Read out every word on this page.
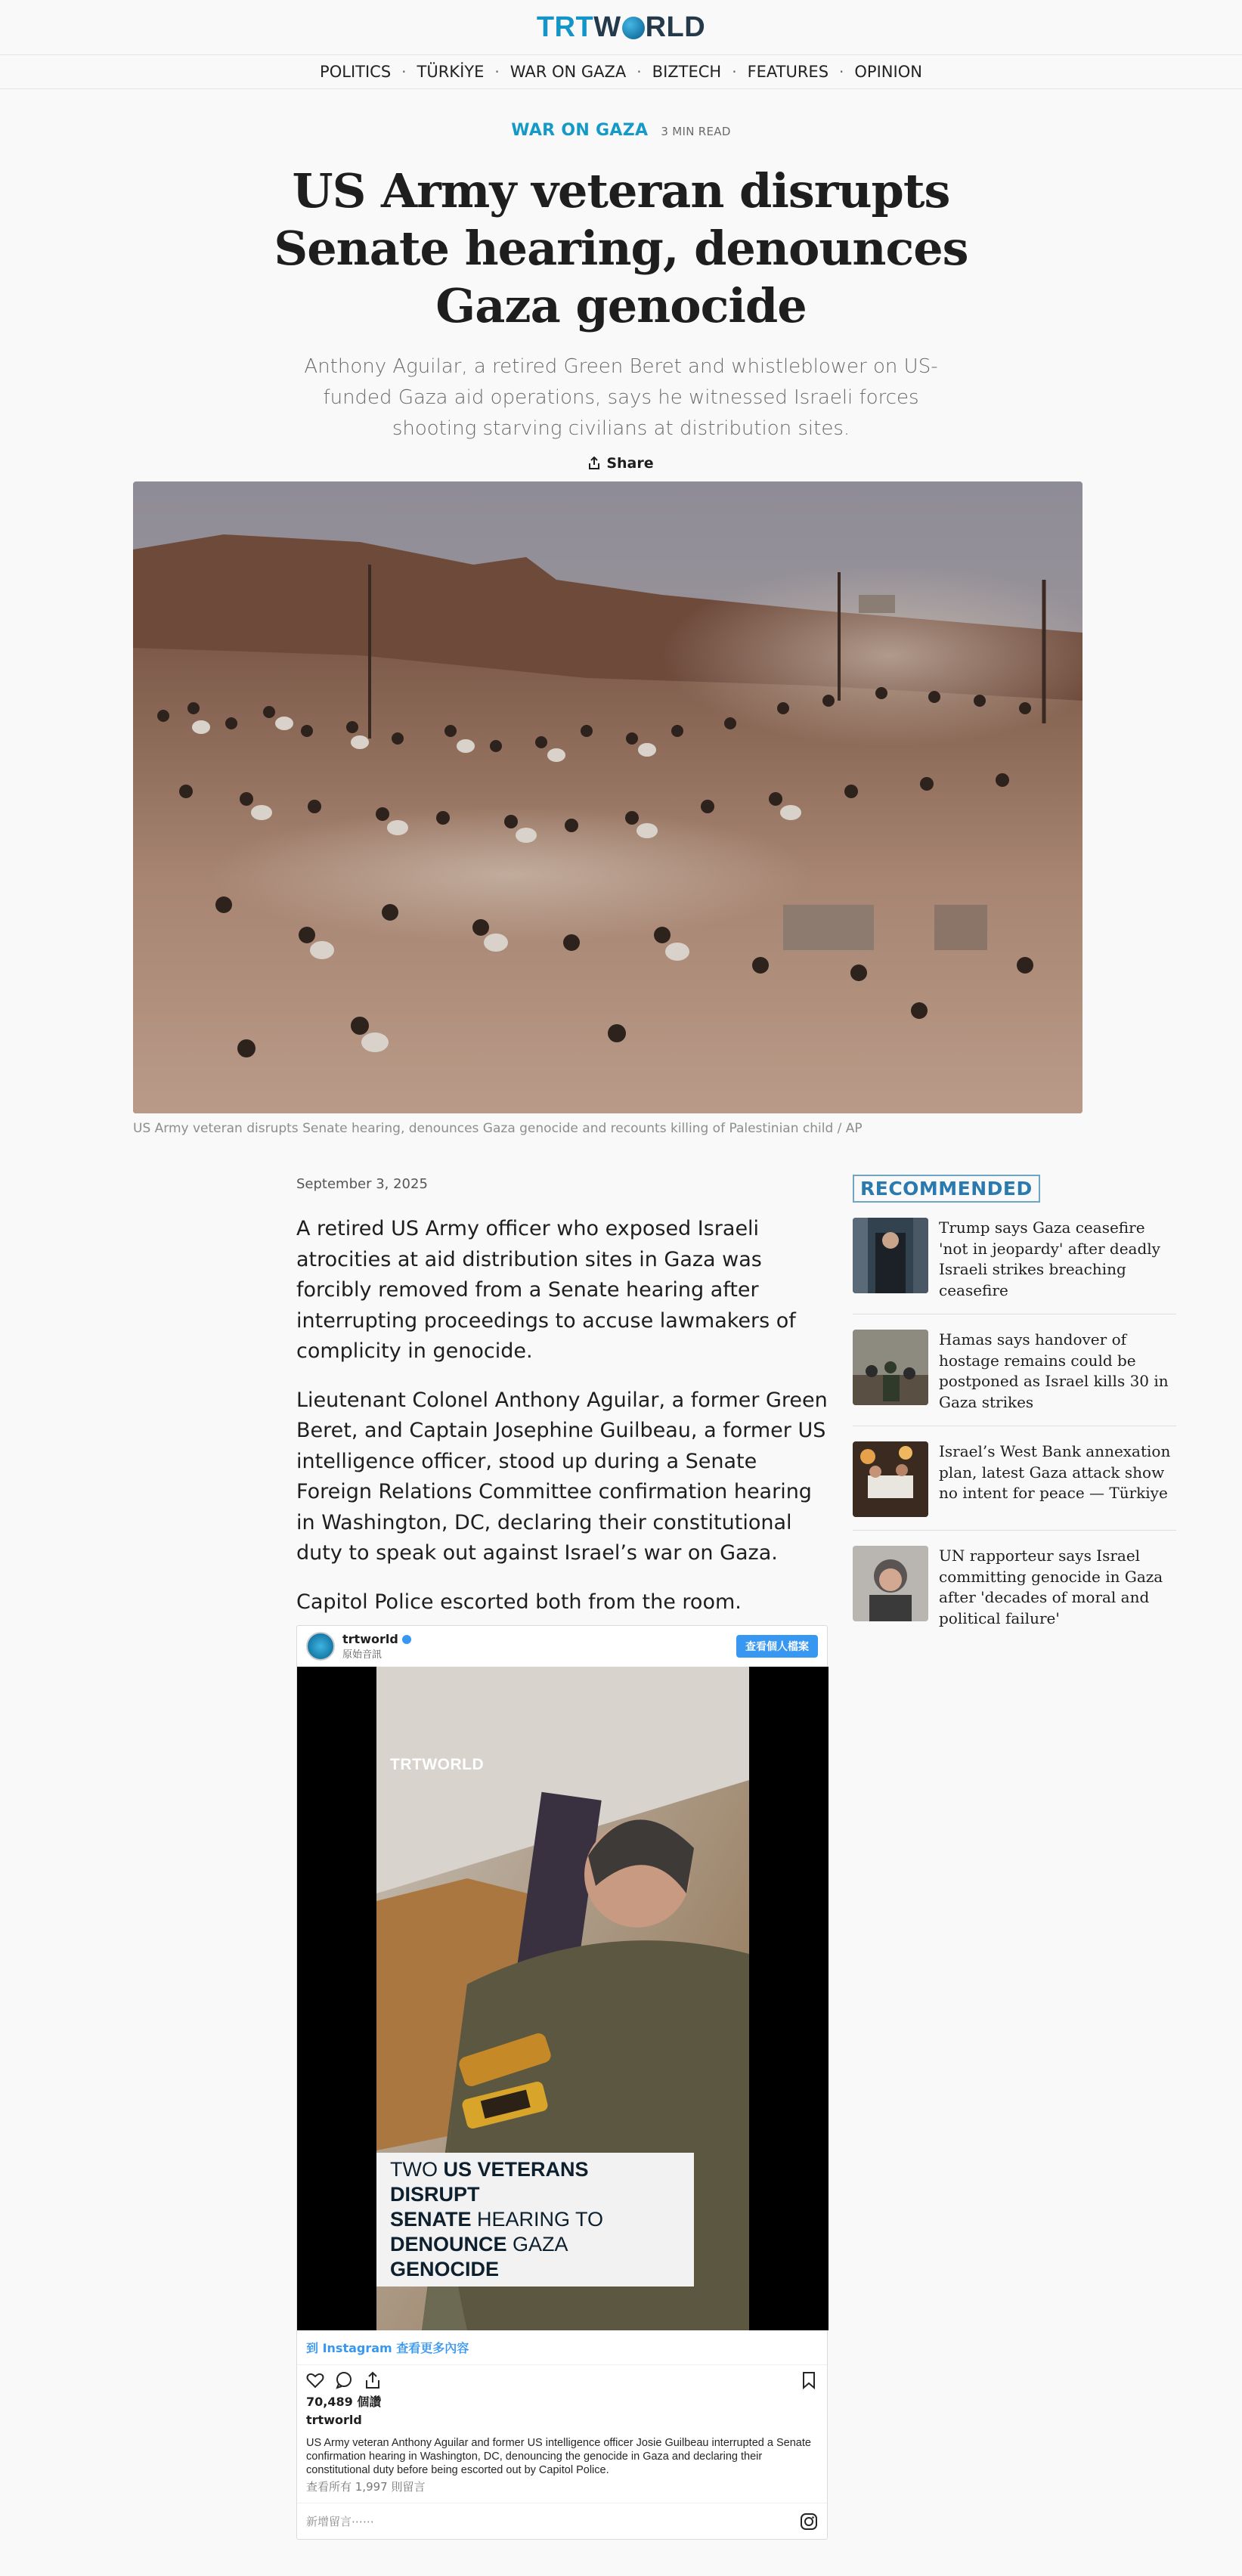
TRT W RLD
POLITICS · TÜRKİYE · WAR ON GAZA · BIZTECH · FEATURES · OPINION
WAR ON GAZA 3 MIN READ
US Army veteran disrupts Senate hearing, denounces Gaza genocide

Anthony Aguilar, a retired Green Beret and whistleblower on US-funded Gaza aid operations, says he witnessed Israeli forces shooting starving civilians at distribution sites.

Share
US Army veteran disrupts Senate hearing, denounces Gaza genocide and recounts killing of Palestinian child / AP
September 3, 2025

A retired US Army officer who exposed Israeli atrocities at aid distribution sites in Gaza was forcibly removed from a Senate hearing after interrupting proceedings to accuse lawmakers of complicity in genocide.

Lieutenant Colonel Anthony Aguilar, a former Green Beret, and Captain Josephine Guilbeau, a former US intelligence officer, stood up during a Senate Foreign Relations Committee confirmation hearing in Washington, DC, declaring their constitutional duty to speak out against Israel’s war on Gaza.

Capitol Police escorted both from the room.

RECOMMENDED
Trump says Gaza ceasefire 'not in jeopardy' after deadly Israeli strikes breaching ceasefire
Hamas says handover of hostage remains could be postponed as Israel kills 30 in Gaza strikes
Israel’s West Bank annexation plan, latest Gaza attack show no intent for peace — Türkiye
UN rapporteur says Israel committing genocide in Gaza after 'decades of moral and political failure'
trtworld
原始音訊
查看個人檔案
TRTWORLD
TWO US VETERANS DISRUPT
SENATE HEARING TO
DENOUNCE GAZA GENOCIDE
到 Instagram 查看更多內容
70,489 個讚
trtworld
US Army veteran Anthony Aguilar and former US intelligence officer Josie Guilbeau interrupted a Senate confirmation hearing in Washington, DC, denouncing the genocide in Gaza and declaring their constitutional duty before being escorted out by Capitol Police.
查看所有 1,997 則留言
新增留言⋯⋯
